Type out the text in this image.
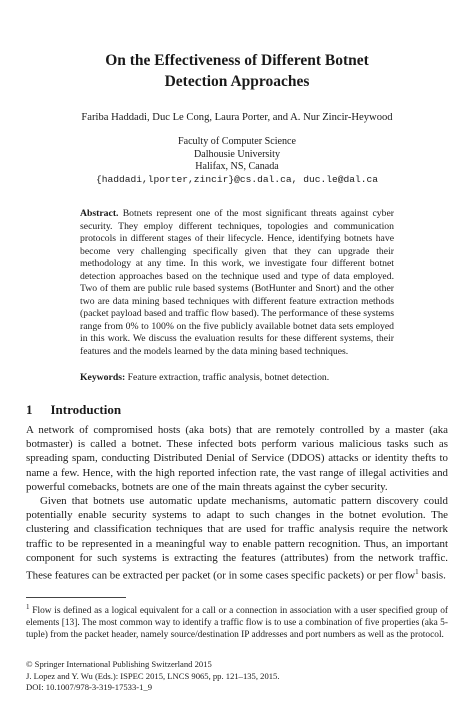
On the Effectiveness of Different Botnet
Detection Approaches
Fariba Haddadi, Duc Le Cong, Laura Porter, and A. Nur Zincir-Heywood
Faculty of Computer Science
Dalhousie University
Halifax, NS, Canada
{haddadi,lporter,zincir}@cs.dal.ca, duc.le@dal.ca
Abstract. Botnets represent one of the most significant threats against cyber security. They employ different techniques, topologies and communication protocols in different stages of their lifecycle. Hence, identifying botnets have become very challenging specifically given that they can upgrade their methodology at any time. In this work, we investigate four different botnet detection approaches based on the technique used and type of data employed. Two of them are public rule based systems (BotHunter and Snort) and the other two are data mining based techniques with different feature extraction methods (packet payload based and traffic flow based). The performance of these systems range from 0% to 100% on the five publicly available botnet data sets employed in this work. We discuss the evaluation results for these different systems, their features and the models learned by the data mining based techniques.
Keywords: Feature extraction, traffic analysis, botnet detection.
1 Introduction

A network of compromised hosts (aka bots) that are remotely controlled by a master (aka botmaster) is called a botnet. These infected bots perform various malicious tasks such as spreading spam, conducting Distributed Denial of Service (DDOS) attacks or identity thefts to name a few. Hence, with the high reported infection rate, the vast range of illegal activities and powerful comebacks, botnets are one of the main threats against the cyber security.

Given that botnets use automatic update mechanisms, automatic pattern discovery could potentially enable security systems to adapt to such changes in the botnet evolution. The clustering and classification techniques that are used for traffic analysis require the network traffic to be represented in a meaningful way to enable pattern recognition. Thus, an important component for such systems is extracting the features (attributes) from the network traffic. These features can be extracted per packet (or in some cases specific packets) or per flow$^1$ basis.

$^1$ Flow is defined as a logical equivalent for a call or a connection in association with a user specified group of elements [13]. The most common way to identify a traffic flow is to use a combination of five properties (aka 5-tuple) from the packet header, namely source/destination IP addresses and port numbers as well as the protocol.
© Springer International Publishing Switzerland 2015
J. Lopez and Y. Wu (Eds.): ISPEC 2015, LNCS 9065, pp. 121–135, 2015.
DOI: 10.1007/978-3-319-17533-1_9
